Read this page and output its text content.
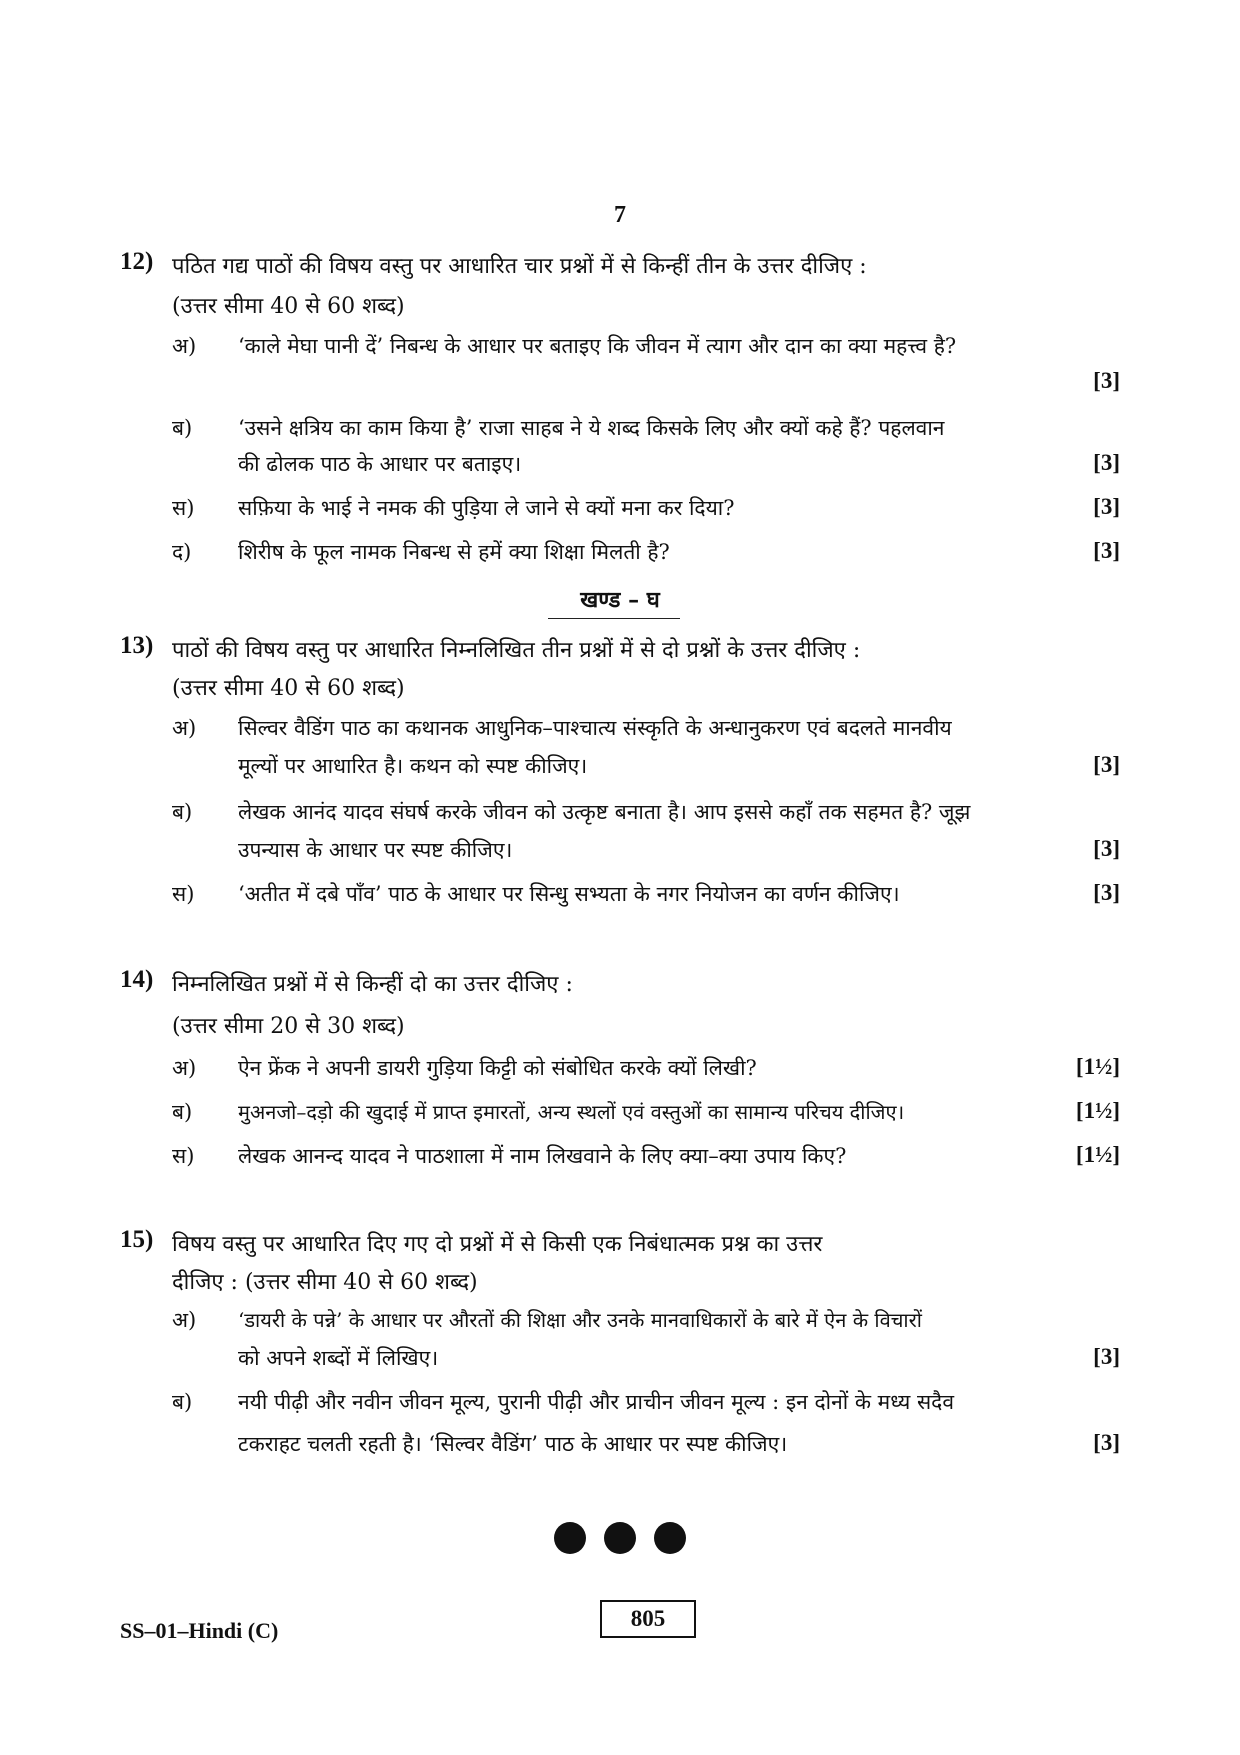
7
12) पठित गद्य पाठों की विषय वस्तु पर आधारित चार प्रश्नों में से किन्हीं तीन के उत्तर दीजिए :
(उत्तर सीमा 40 से 60 शब्द)
अ) ‘काले मेघा पानी दें’ निबन्ध के आधार पर बताइए कि जीवन में त्याग और दान का क्या महत्त्व है?
[3]
ब) ‘उसने क्षत्रिय का काम किया है’ राजा साहब ने ये शब्द किसके लिए और क्यों कहे हैं? पहलवान
की ढोलक पाठ के आधार पर बताइए।	[3]
स) सफ़िया के भाई ने नमक की पुड़िया ले जाने से क्यों मना कर दिया?	[3]
द) शिरीष के फूल नामक निबन्ध से हमें क्या शिक्षा मिलती है?	[3]
खण्ड – घ
13) पाठों की विषय वस्तु पर आधारित निम्नलिखित तीन प्रश्नों में से दो प्रश्नों के उत्तर दीजिए :
(उत्तर सीमा 40 से 60 शब्द)
अ) सिल्वर वैडिंग पाठ का कथानक आधुनिक–पाश्चात्य संस्कृति के अन्धानुकरण एवं बदलते मानवीय
मूल्यों पर आधारित है। कथन को स्पष्ट कीजिए।	[3]
ब) लेखक आनंद यादव संघर्ष करके जीवन को उत्कृष्ट बनाता है। आप इससे कहाँ तक सहमत है? जूझ
उपन्यास के आधार पर स्पष्ट कीजिए।	[3]
स) ‘अतीत में दबे पाँव’ पाठ के आधार पर सिन्धु सभ्यता के नगर नियोजन का वर्णन कीजिए।	[3]
14) निम्नलिखित प्रश्नों में से किन्हीं दो का उत्तर दीजिए :
(उत्तर सीमा 20 से 30 शब्द)
अ) ऐन फ्रेंक ने अपनी डायरी गुड़िया किट्टी को संबोधित करके क्यों लिखी?	[1½]
ब) मुअनजो–दड़ो की खुदाई में प्राप्त इमारतों, अन्य स्थलों एवं वस्तुओं का सामान्य परिचय दीजिए।	[1½]
स) लेखक आनन्द यादव ने पाठशाला में नाम लिखवाने के लिए क्या–क्या उपाय किए?	[1½]
15) विषय वस्तु पर आधारित दिए गए दो प्रश्नों में से किसी एक निबंधात्मक प्रश्न का उत्तर
दीजिए : (उत्तर सीमा 40 से 60 शब्द)
अ) ‘डायरी के पन्ने’ के आधार पर औरतों की शिक्षा और उनके मानवाधिकारों के बारे में ऐन के विचारों
को अपने शब्दों में लिखिए।	[3]
ब) नयी पीढ़ी और नवीन जीवन मूल्य, पुरानी पीढ़ी और प्राचीन जीवन मूल्य : इन दोनों के मध्य सदैव
टकराहट चलती रहती है। ‘सिल्वर वैडिंग’ पाठ के आधार पर स्पष्ट कीजिए।	[3]
SS–01–Hindi (C)	805
